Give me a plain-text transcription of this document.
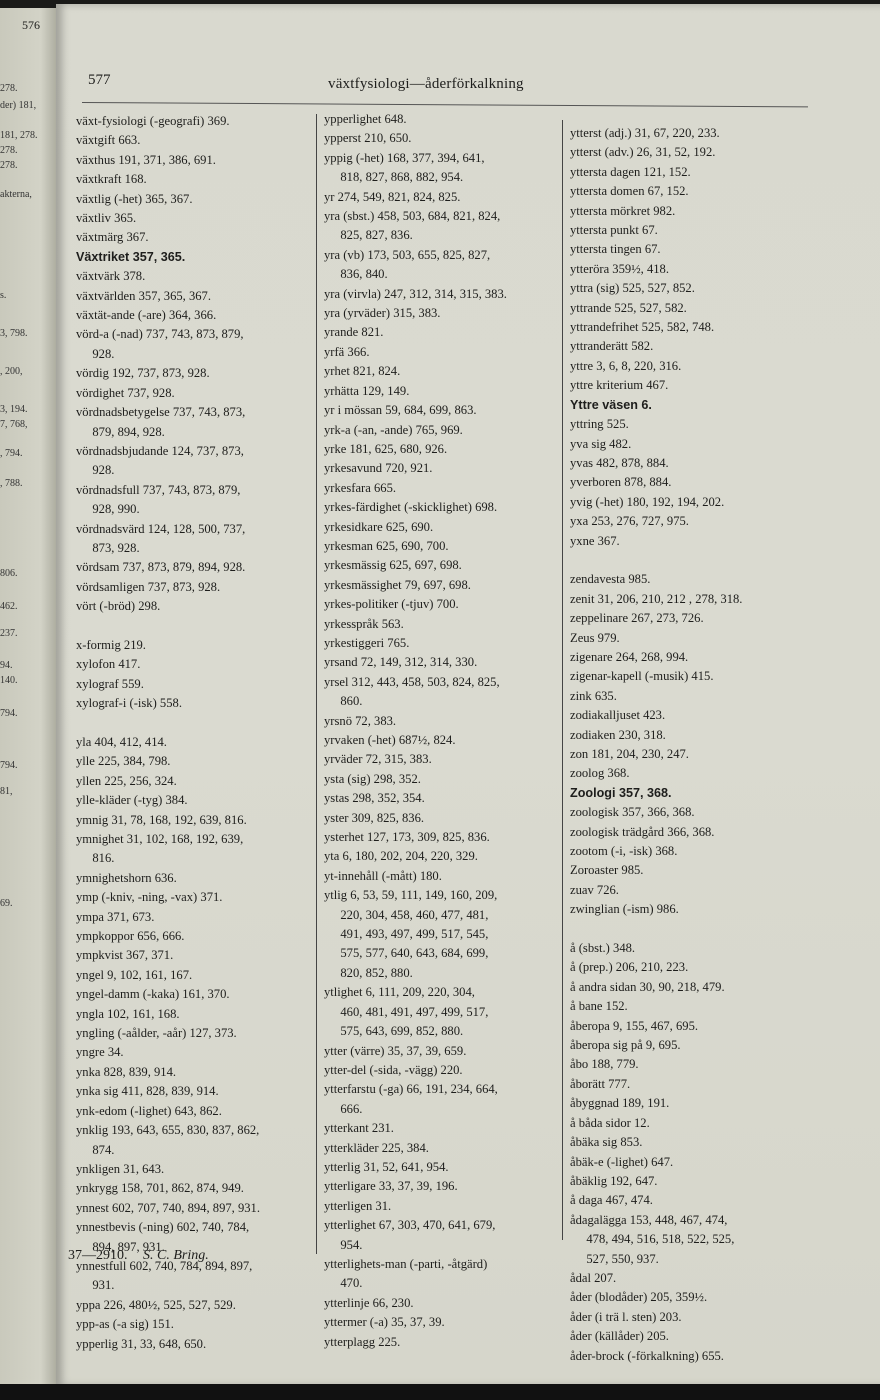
576
278.
der) 181,
181, 278.
278.
278.
akterna,
s.
3, 798.
, 200,
3, 194.
7, 768,
, 794.
, 788.
806.
462.
237.
94.
140.
794.
794.
81,
69.
577	växtfysiologi—åderförkalkning
växt-fysiologi (-geografi) 369.
växtgift 663.
växthus 191, 371, 386, 691.
växtkraft 168.
växtlig (-het) 365, 367.
växtliv 365.
växtmärg 367.
Växtriket 357, 365.
växtvärk 378.
växtvärlden 357, 365, 367.
växtät-ande (-are) 364, 366.
vörd-a (-nad) 737, 743, 873, 879,
928.
vördig 192, 737, 873, 928.
vördighet 737, 928.
vördnadsbetygelse 737, 743, 873,
879, 894, 928.
vördnadsbjudande 124, 737, 873,
928.
vördnadsfull 737, 743, 873, 879,
928, 990.
vördnadsvärd 124, 128, 500, 737,
873, 928.
vördsam 737, 873, 879, 894, 928.
vördsamligen 737, 873, 928.
vört (-bröd) 298.
x-formig 219.
xylofon 417.
xylograf 559.
xylograf-i (-isk) 558.
yla 404, 412, 414.
ylle 225, 384, 798.
yllen 225, 256, 324.
ylle-kläder (-tyg) 384.
ymnig 31, 78, 168, 192, 639, 816.
ymnighet 31, 102, 168, 192, 639,
816.
ymnighetshorn 636.
ymp (-kniv, -ning, -vax) 371.
ympa 371, 673.
ympkoppor 656, 666.
ympkvist 367, 371.
yngel 9, 102, 161, 167.
yngel-damm (-kaka) 161, 370.
yngla 102, 161, 168.
yngling (-aålder, -aår) 127, 373.
yngre 34.
ynka 828, 839, 914.
ynka sig 411, 828, 839, 914.
ynk-edom (-lighet) 643, 862.
ynklig 193, 643, 655, 830, 837, 862,
874.
ynkligen 31, 643.
ynkrygg 158, 701, 862, 874, 949.
ynnest 602, 707, 740, 894, 897, 931.
ynnestbevis (-ning) 602, 740, 784,
894, 897, 931.
ynnestfull 602, 740, 784, 894, 897,
931.
yppa 226, 480½, 525, 527, 529.
ypp-as (-a sig) 151.
ypperlig 31, 33, 648, 650.
ypperlighet 648.
ypperst 210, 650.
yppig (-het) 168, 377, 394, 641,
818, 827, 868, 882, 954.
yr 274, 549, 821, 824, 825.
yra (sbst.) 458, 503, 684, 821, 824,
825, 827, 836.
yra (vb) 173, 503, 655, 825, 827,
836, 840.
yra (virvla) 247, 312, 314, 315, 383.
yra (yrväder) 315, 383.
yrande 821.
yrfä 366.
yrhet 821, 824.
yrhätta 129, 149.
yr i mössan 59, 684, 699, 863.
yrk-a (-an, -ande) 765, 969.
yrke 181, 625, 680, 926.
yrkesavund 720, 921.
yrkesfara 665.
yrkes-färdighet (-skicklighet) 698.
yrkesidkare 625, 690.
yrkesman 625, 690, 700.
yrkesmässig 625, 697, 698.
yrkesmässighet 79, 697, 698.
yrkes-politiker (-tjuv) 700.
yrkesspråk 563.
yrkestiggeri 765.
yrsand 72, 149, 312, 314, 330.
yrsel 312, 443, 458, 503, 824, 825,
860.
yrsnö 72, 383.
yrvaken (-het) 687½, 824.
yrväder 72, 315, 383.
ysta (sig) 298, 352.
ystas 298, 352, 354.
yster 309, 825, 836.
ysterhet 127, 173, 309, 825, 836.
yta 6, 180, 202, 204, 220, 329.
yt-innehåll (-mått) 180.
ytlig 6, 53, 59, 111, 149, 160, 209,
220, 304, 458, 460, 477, 481,
491, 493, 497, 499, 517, 545,
575, 577, 640, 643, 684, 699,
820, 852, 880.
ytlighet 6, 111, 209, 220, 304,
460, 481, 491, 497, 499, 517,
575, 643, 699, 852, 880.
ytter (värre) 35, 37, 39, 659.
ytter-del (-sida, -vägg) 220.
ytterfarstu (-ga) 66, 191, 234, 664,
666.
ytterkant 231.
ytterkläder 225, 384.
ytterlig 31, 52, 641, 954.
ytterligare 33, 37, 39, 196.
ytterligen 31.
ytterlighet 67, 303, 470, 641, 679,
954.
ytterlighets-man (-parti, -åtgärd)
470.
ytterlinje 66, 230.
yttermer (-a) 35, 37, 39.
ytterplagg 225.
ytterst (adj.) 31, 67, 220, 233.
ytterst (adv.) 26, 31, 52, 192.
yttersta dagen 121, 152.
yttersta domen 67, 152.
yttersta mörkret 982.
yttersta punkt 67.
yttersta tingen 67.
ytteröra 359½, 418.
yttra (sig) 525, 527, 852.
yttrande 525, 527, 582.
yttrandefrihet 525, 582, 748.
yttranderätt 582.
yttre 3, 6, 8, 220, 316.
yttre kriterium 467.
Yttre väsen 6.
yttring 525.
yva sig 482.
yvas 482, 878, 884.
yverboren 878, 884.
yvig (-het) 180, 192, 194, 202.
yxa 253, 276, 727, 975.
yxne 367.
zendavesta 985.
zenit 31, 206, 210, 212 , 278, 318.
zeppelinare 267, 273, 726.
Zeus 979.
zigenare 264, 268, 994.
zigenar-kapell (-musik) 415.
zink 635.
zodiakalljuset 423.
zodiaken 230, 318.
zon 181, 204, 230, 247.
zoolog 368.
Zoologi 357, 368.
zoologisk 357, 366, 368.
zoologisk trädgård 366, 368.
zootom (-i, -isk) 368.
Zoroaster 985.
zuav 726.
zwinglian (-ism) 986.
å (sbst.) 348.
å (prep.) 206, 210, 223.
å andra sidan 30, 90, 218, 479.
å bane 152.
åberopa 9, 155, 467, 695.
åberopa sig på 9, 695.
åbo 188, 779.
åborätt 777.
åbyggnad 189, 191.
å båda sidor 12.
åbäka sig 853.
åbäk-e (-lighet) 647.
åbäklig 192, 647.
å daga 467, 474.
ådagalägga 153, 448, 467, 474,
478, 494, 516, 518, 522, 525,
527, 550, 937.
ådal 207.
åder (blodåder) 205, 359½.
åder (i trä l. sten) 203.
åder (källåder) 205.
åder-brock (-förkalkning) 655.
37—2910. S. C. Bring.
